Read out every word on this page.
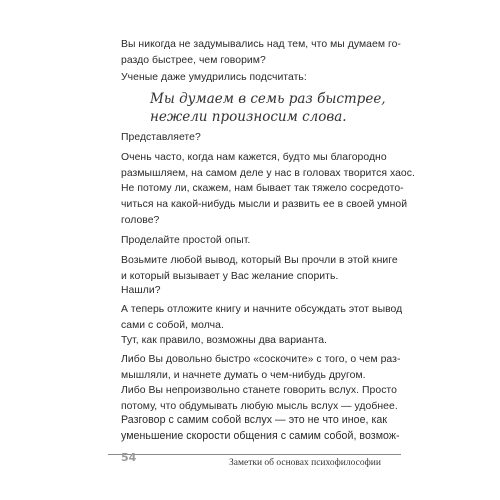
Вы никогда не задумывались над тем, что мы думаем го-
раздо быстрее, чем говорим?

Ученые даже умудрились подсчитать:

Мы думаем в семь раз быстрее,
нежели произносим слова.

Представляете?

Очень часто, когда нам кажется, будто мы благородно
размышляем, на самом деле у нас в головах творится хаос.

Не потому ли, скажем, нам бывает так тяжело сосредото-
читься на какой-нибудь мысли и развить ее в своей умной
голове?

Проделайте простой опыт.

Возьмите любой вывод, который Вы прочли в этой книге
и который вызывает у Вас желание спорить.

Нашли?

А теперь отложите книгу и начните обсуждать этот вывод
сами с собой, молча.

Тут, как правило, возможны два варианта.

Либо Вы довольно быстро «соскочите» с того, о чем раз-
мышляли, и начнете думать о чем-нибудь другом.

Либо Вы непроизвольно станете говорить вслух. Просто
потому, что обдумывать любую мысль вслух — удобнее.

Разговор с самим собой вслух — это не что иное, как
уменьшение скорости общения с самим собой, возмож-

54	Заметки об основах психофилософии
